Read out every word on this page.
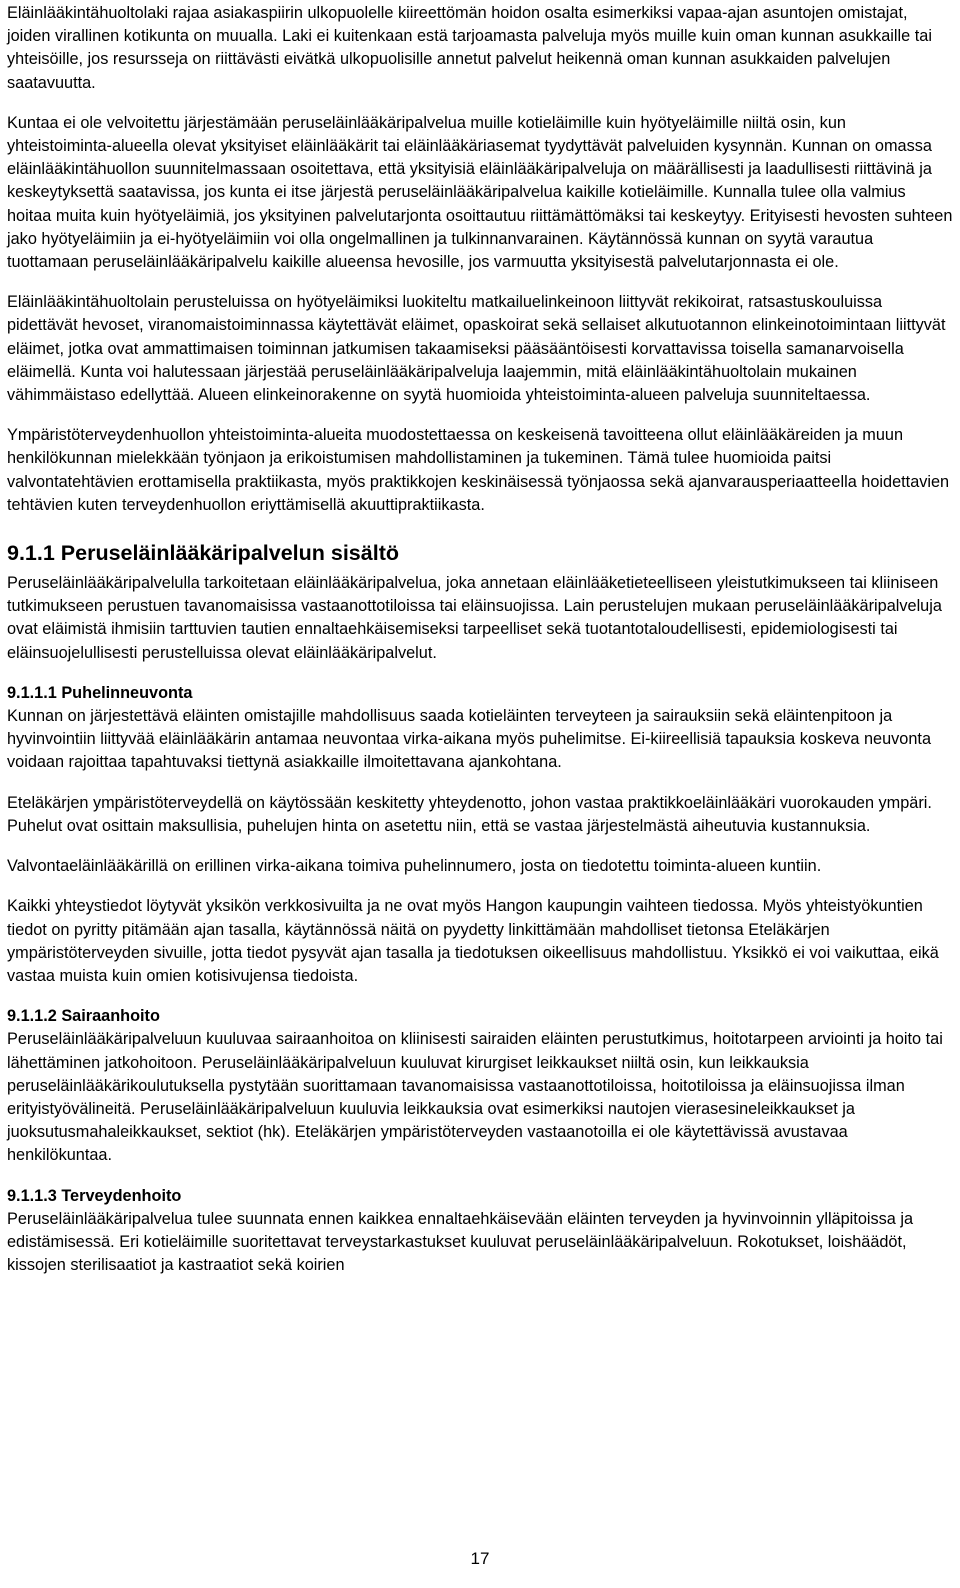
Eläinlääkintähuoltolaki rajaa asiakaspiirin ulkopuolelle kiireettömän hoidon osalta esimerkiksi vapaa-ajan asuntojen omistajat, joiden virallinen kotikunta on muualla. Laki ei kuitenkaan estä tarjoamasta palveluja myös muille kuin oman kunnan asukkaille tai yhteisöille, jos resursseja on riittävästi eivätkä ulkopuolisille annetut palvelut heikennä oman kunnan asukkaiden palvelujen saatavuutta.

Kuntaa ei ole velvoitettu järjestämään peruseläinlääkäripalvelua muille kotieläimille kuin hyötyeläimille niiltä osin, kun yhteistoiminta-alueella olevat yksityiset eläinlääkärit tai eläinlääkäriasemat tyydyttävät palveluiden kysynnän. Kunnan on omassa eläinlääkintähuollon suunnitelmassaan osoitettava, että yksityisiä eläinlääkäripalveluja on määrällisesti ja laadullisesti riittävinä ja keskeytyksettä saatavissa, jos kunta ei itse järjestä peruseläinlääkäripalvelua kaikille kotieläimille. Kunnalla tulee olla valmius hoitaa muita kuin hyötyeläimiä, jos yksityinen palvelutarjonta osoittautuu riittämättömäksi tai keskeytyy. Erityisesti hevosten suhteen jako hyötyeläimiin ja ei-hyötyeläimiin voi olla ongelmallinen ja tulkinnanvarainen. Käytännössä kunnan on syytä varautua tuottamaan peruseläinlääkäripalvelu kaikille alueensa hevosille, jos varmuutta yksityisestä palvelutarjonnasta ei ole.

Eläinlääkintähuoltolain perusteluissa on hyötyeläimiksi luokiteltu matkailuelinkeinoon liittyvät rekikoirat, ratsastuskouluissa pidettävät hevoset, viranomaistoiminnassa käytettävät eläimet, opaskoirat sekä sellaiset alkutuotannon elinkeinotoimintaan liittyvät eläimet, jotka ovat ammattimaisen toiminnan jatkumisen takaamiseksi pääsääntöisesti korvattavissa toisella samanarvoisella eläimellä. Kunta voi halutessaan järjestää peruseläinlääkäripalveluja laajemmin, mitä eläinlääkintähuoltolain mukainen vähimmäistaso edellyttää. Alueen elinkeinorakenne on syytä huomioida yhteistoiminta-alueen palveluja suunniteltaessa.

Ympäristöterveydenhuollon yhteistoiminta-alueita muodostettaessa on keskeisenä tavoitteena ollut eläinlääkäreiden ja muun henkilökunnan mielekkään työnjaon ja erikoistumisen mahdollistaminen ja tukeminen. Tämä tulee huomioida paitsi valvontatehtävien erottamisella praktiikasta, myös praktikkojen keskinäisessä työnjaossa sekä ajanvarausperiaatteella hoidettavien tehtävien kuten terveydenhuollon eriyttämisellä akuuttipraktiikasta.

9.1.1 Peruseläinlääkäripalvelun sisältö

Peruseläinlääkäripalvelulla tarkoitetaan eläinlääkäripalvelua, joka annetaan eläinlääketieteelliseen yleistutkimukseen tai kliiniseen tutkimukseen perustuen tavanomaisissa vastaanottotiloissa tai eläinsuojissa. Lain perustelujen mukaan peruseläinlääkäripalveluja ovat eläimistä ihmisiin tarttuvien tautien ennaltaehkäisemiseksi tarpeelliset sekä tuotantotaloudellisesti, epidemiologisesti tai eläinsuojelullisesti perustelluissa olevat eläinlääkäripalvelut.

9.1.1.1 Puhelinneuvonta

Kunnan on järjestettävä eläinten omistajille mahdollisuus saada kotieläinten terveyteen ja sairauksiin sekä eläintenpitoon ja hyvinvointiin liittyvää eläinlääkärin antamaa neuvontaa virka-aikana myös puhelimitse. Ei-kiireellisiä tapauksia koskeva neuvonta voidaan rajoittaa tapahtuvaksi tiettynä asiakkaille ilmoitettavana ajankohtana.

Eteläkärjen ympäristöterveydellä on käytössään keskitetty yhteydenotto, johon vastaa praktikkoeläinlääkäri vuorokauden ympäri. Puhelut ovat osittain maksullisia, puhelujen hinta on asetettu niin, että se vastaa järjestelmästä aiheutuvia kustannuksia.

Valvontaeläinlääkärillä on erillinen virka-aikana toimiva puhelinnumero, josta on tiedotettu toiminta-alueen kuntiin.

Kaikki yhteystiedot löytyvät yksikön verkkosivuilta ja ne ovat myös Hangon kaupungin vaihteen tiedossa. Myös yhteistyökuntien tiedot on pyritty pitämään ajan tasalla, käytännössä näitä on pyydetty linkittämään mahdolliset tietonsa Eteläkärjen ympäristöterveyden sivuille, jotta tiedot pysyvät ajan tasalla ja tiedotuksen oikeellisuus mahdollistuu. Yksikkö ei voi vaikuttaa, eikä vastaa muista kuin omien kotisivujensa tiedoista.

9.1.1.2 Sairaanhoito

Peruseläinlääkäripalveluun kuuluvaa sairaanhoitoa on kliinisesti sairaiden eläinten perustutkimus, hoitotarpeen arviointi ja hoito tai lähettäminen jatkohoitoon. Peruseläinlääkäripalveluun kuuluvat kirurgiset leikkaukset niiltä osin, kun leikkauksia peruseläinlääkärikoulutuksella pystytään suorittamaan tavanomaisissa vastaanottotiloissa, hoitotiloissa ja eläinsuojissa ilman erityistyövälineitä. Peruseläinlääkäripalveluun kuuluvia leikkauksia ovat esimerkiksi nautojen vierasesineleikkaukset ja juoksutusmahaleikkaukset, sektiot (hk). Eteläkärjen ympäristöterveyden vastaanotoilla ei ole käytettävissä avustavaa henkilökuntaa.

9.1.1.3 Terveydenhoito

Peruseläinlääkäripalvelua tulee suunnata ennen kaikkea ennaltaehkäisevään eläinten terveyden ja hyvinvoinnin ylläpitoissa ja edistämisessä. Eri kotieläimille suoritettavat terveystarkastukset kuuluvat peruseläinlääkäripalveluun. Rokotukset, loishäädöt, kissojen sterilisaatiot ja kastraatiot sekä koirien

17
